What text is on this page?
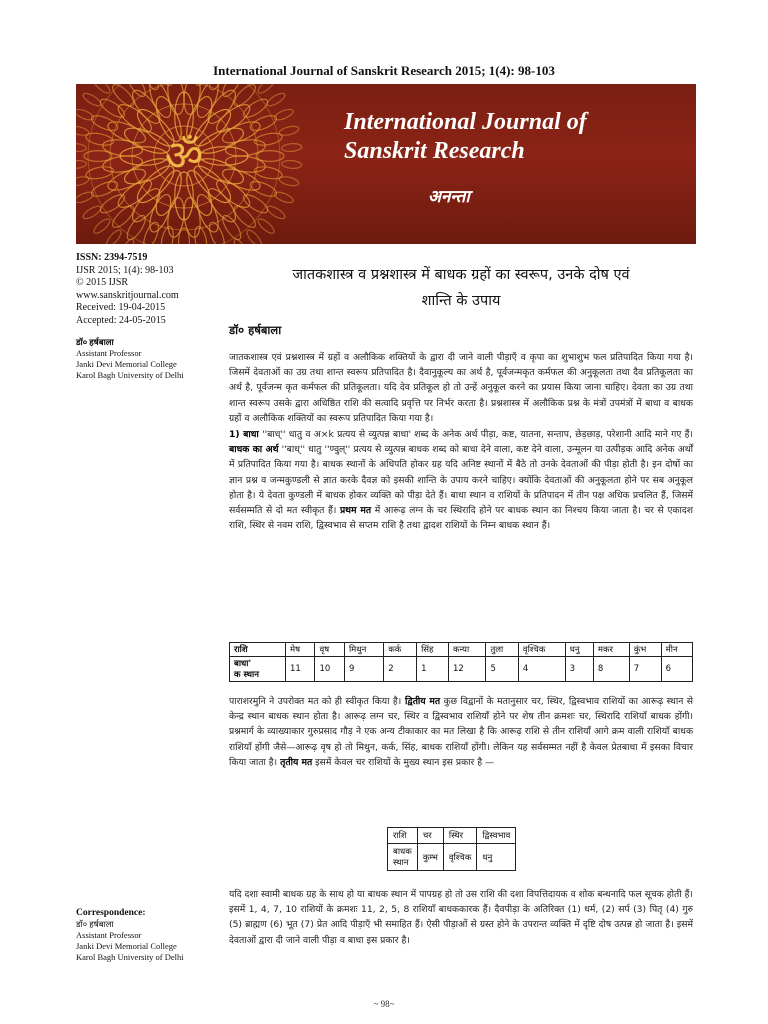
International Journal of Sanskrit Research 2015; 1(4): 98-103
ॐ
International Journal of
Sanskrit Research
अनन्ता
ISSN: 2394-7519
IJSR 2015; 1(4): 98-103
© 2015 IJSR
www.sanskritjournal.com
Received: 19-04-2015
Accepted: 24-05-2015
डॉ० हर्षबाला
Assistant Professor
Janki Devi Memorial College
Karol Bagh University of Delhi
Correspondence:
डॉ० हर्षबाला
Assistant Professor
Janki Devi Memorial College
Karol Bagh University of Delhi
जातकशास्त्र व प्रश्नशास्त्र में बाधक ग्रहों का स्वरूप, उनके दोष एवं
शान्ति के उपाय
डॉ० हर्षबाला

जातकशास्त्र एवं प्रश्नशास्त्र में ग्रहों व अलौकिक शक्तियों के द्वारा दी जाने वाली पीड़ाएँ व कृपा का शुभाशुभ फल प्रतिपादित किया गया है। जिसमें देवताओं का उग्र तथा शान्त स्वरूप प्रतिपादित है। दैवानुकूल्य का अर्थ है, पूर्वजन्मकृत कर्मफल की अनुकूलता तथा दैव प्रतिकूलता का अर्थ है, पूर्वजन्म कृत कर्मफल की प्रतिकूलता। यदि देव प्रतिकूल हो तो उन्हें अनुकूल करने का प्रयास किया जाना चाहिए। देवता का उग्र तथा शान्त स्वरूप उसके द्वारा अधिष्ठित राशि की सत्वादि प्रवृत्ति पर निर्भर करता है। प्रश्नशास्त्र में अलौकिक प्रश्न के मंत्रों उपमंत्रों में बाधा व बाधक ग्रहों व अलौकिक शक्तियों का स्वरूप प्रतिपादित किया गया है।

1) बाधा ''बाध्'' धातु व अ×k प्रत्यय से व्युत्पन्न बाधा' शब्द के अनेक अर्थ पीड़ा, कष्ट, यातना, सन्ताप, छेड़छाड़, परेशानी आदि माने गए हैं। बाधक का अर्थ ''बाध्'' धातु ''ण्वुल्'' प्रत्यय से व्युत्पन्न बाधक शब्द को बाधा देने वाला, कष्ट देने वाला, उन्मूलन या उत्पीड़क आदि अनेक अर्थों में प्रतिपादित किया गया है। बाधक स्थानों के अधिपति होकर ग्रह यदि अनिष्ट स्थानों में बैठे तो उनके देवताओं की पीड़ा होती है। इन दोषों का ज्ञान प्रश्न व जन्मकुण्डली से ज्ञात करके दैवज्ञ को इसकी शान्ति के उपाय करने चाहिए। क्योंकि देवताओं की अनुकूलता होने पर सब अनुकूल होता है। ये देवता कुण्डली में बाधक होकर व्यक्ति को पीड़ा देते हैं। बाधा स्थान व राशियों के प्रतिपादन में तीन पक्ष अधिक प्रचलित हैं, जिसमें सर्वसम्मति से दो मत स्वीकृत हैं। प्रथम मत में आरूढ़ लग्न के चर स्थिरादि होने पर बाधक स्थान का निश्चय किया जाता है। चर से एकादश राशि, स्थिर से नवम राशि, द्विस्वभाव से सप्तम राशि है तथा द्वादश राशियों के निम्न बाधक स्थान हैं।

राशि	मेष	वृष	मिथुन	कर्क	सिंह	कन्या	तुला	वृश्चिक	धनु	मकर	कुंभ	मीन

बाधा'
क स्थान	11	10	9	2	1	12	5	4	3	8	7	6

पाराशरमुनि ने उपरोक्त मत को ही स्वीकृत किया है। द्वितीय मत कुछ विद्वानों के मतानुसार चर, स्थिर, द्विस्वभाव राशियों का आरूढ़ स्थान से केन्द्र स्थान बाधक स्थान होता है। आरूढ़ लग्न चर, स्थिर व द्विस्वभाव राशियाँ होने पर शेष तीन क्रमशः चर, स्थिरादि राशियाँ बाधक होंगी। प्रश्नमार्ग के व्याख्याकार गुरुप्रसाद गौड़ ने एक अन्य टीकाकार का मत लिखा है कि आरूढ़ राशि से तीन राशियाँ आगे क्रम वाली राशियाँ बाधक राशियाँ होंगी जैसे—आरूढ़ वृष हो तो मिथुन, कर्क, सिंह, बाधक राशियाँ होंगी। लेकिन यह सर्वसम्मत नहीं है केवल प्रेतबाधा में इसका विचार किया जाता है। तृतीय मत इसमें केवल चर राशियों के मुख्य स्थान इस प्रकार है —

राशि	चर	स्थिर	द्विस्वभाव

बाधक
स्थान	कुम्भ	वृश्चिक	धनु

यदि दशा स्वामी बाधक ग्रह के साथ हो या बाधक स्थान में पापग्रह हो तो उस राशि की दशा विपत्तिदायक व शोक बन्धनादि फल सूचक होती हैं। इसमें 1, 4, 7, 10 राशियों के क्रमशः 11, 2, 5, 8 राशियाँ बाधककारक हैं। दैवपीड़ा के अतिरिक्त (1) धर्म, (2) सर्प (3) पितृ (4) गुरु (5) ब्राह्मण (6) भूत (7) प्रेत आदि पीड़ाएँ भी समाहित हैं। ऐसी पीड़ाओं से ग्रस्त होने के उपरान्त व्यक्ति में दृष्टि दोष उत्पन्न हो जाता है। इसमें देवताओं द्वारा दी जाने वाली पीड़ा व बाधा इस प्रकार है।

~ 98~
